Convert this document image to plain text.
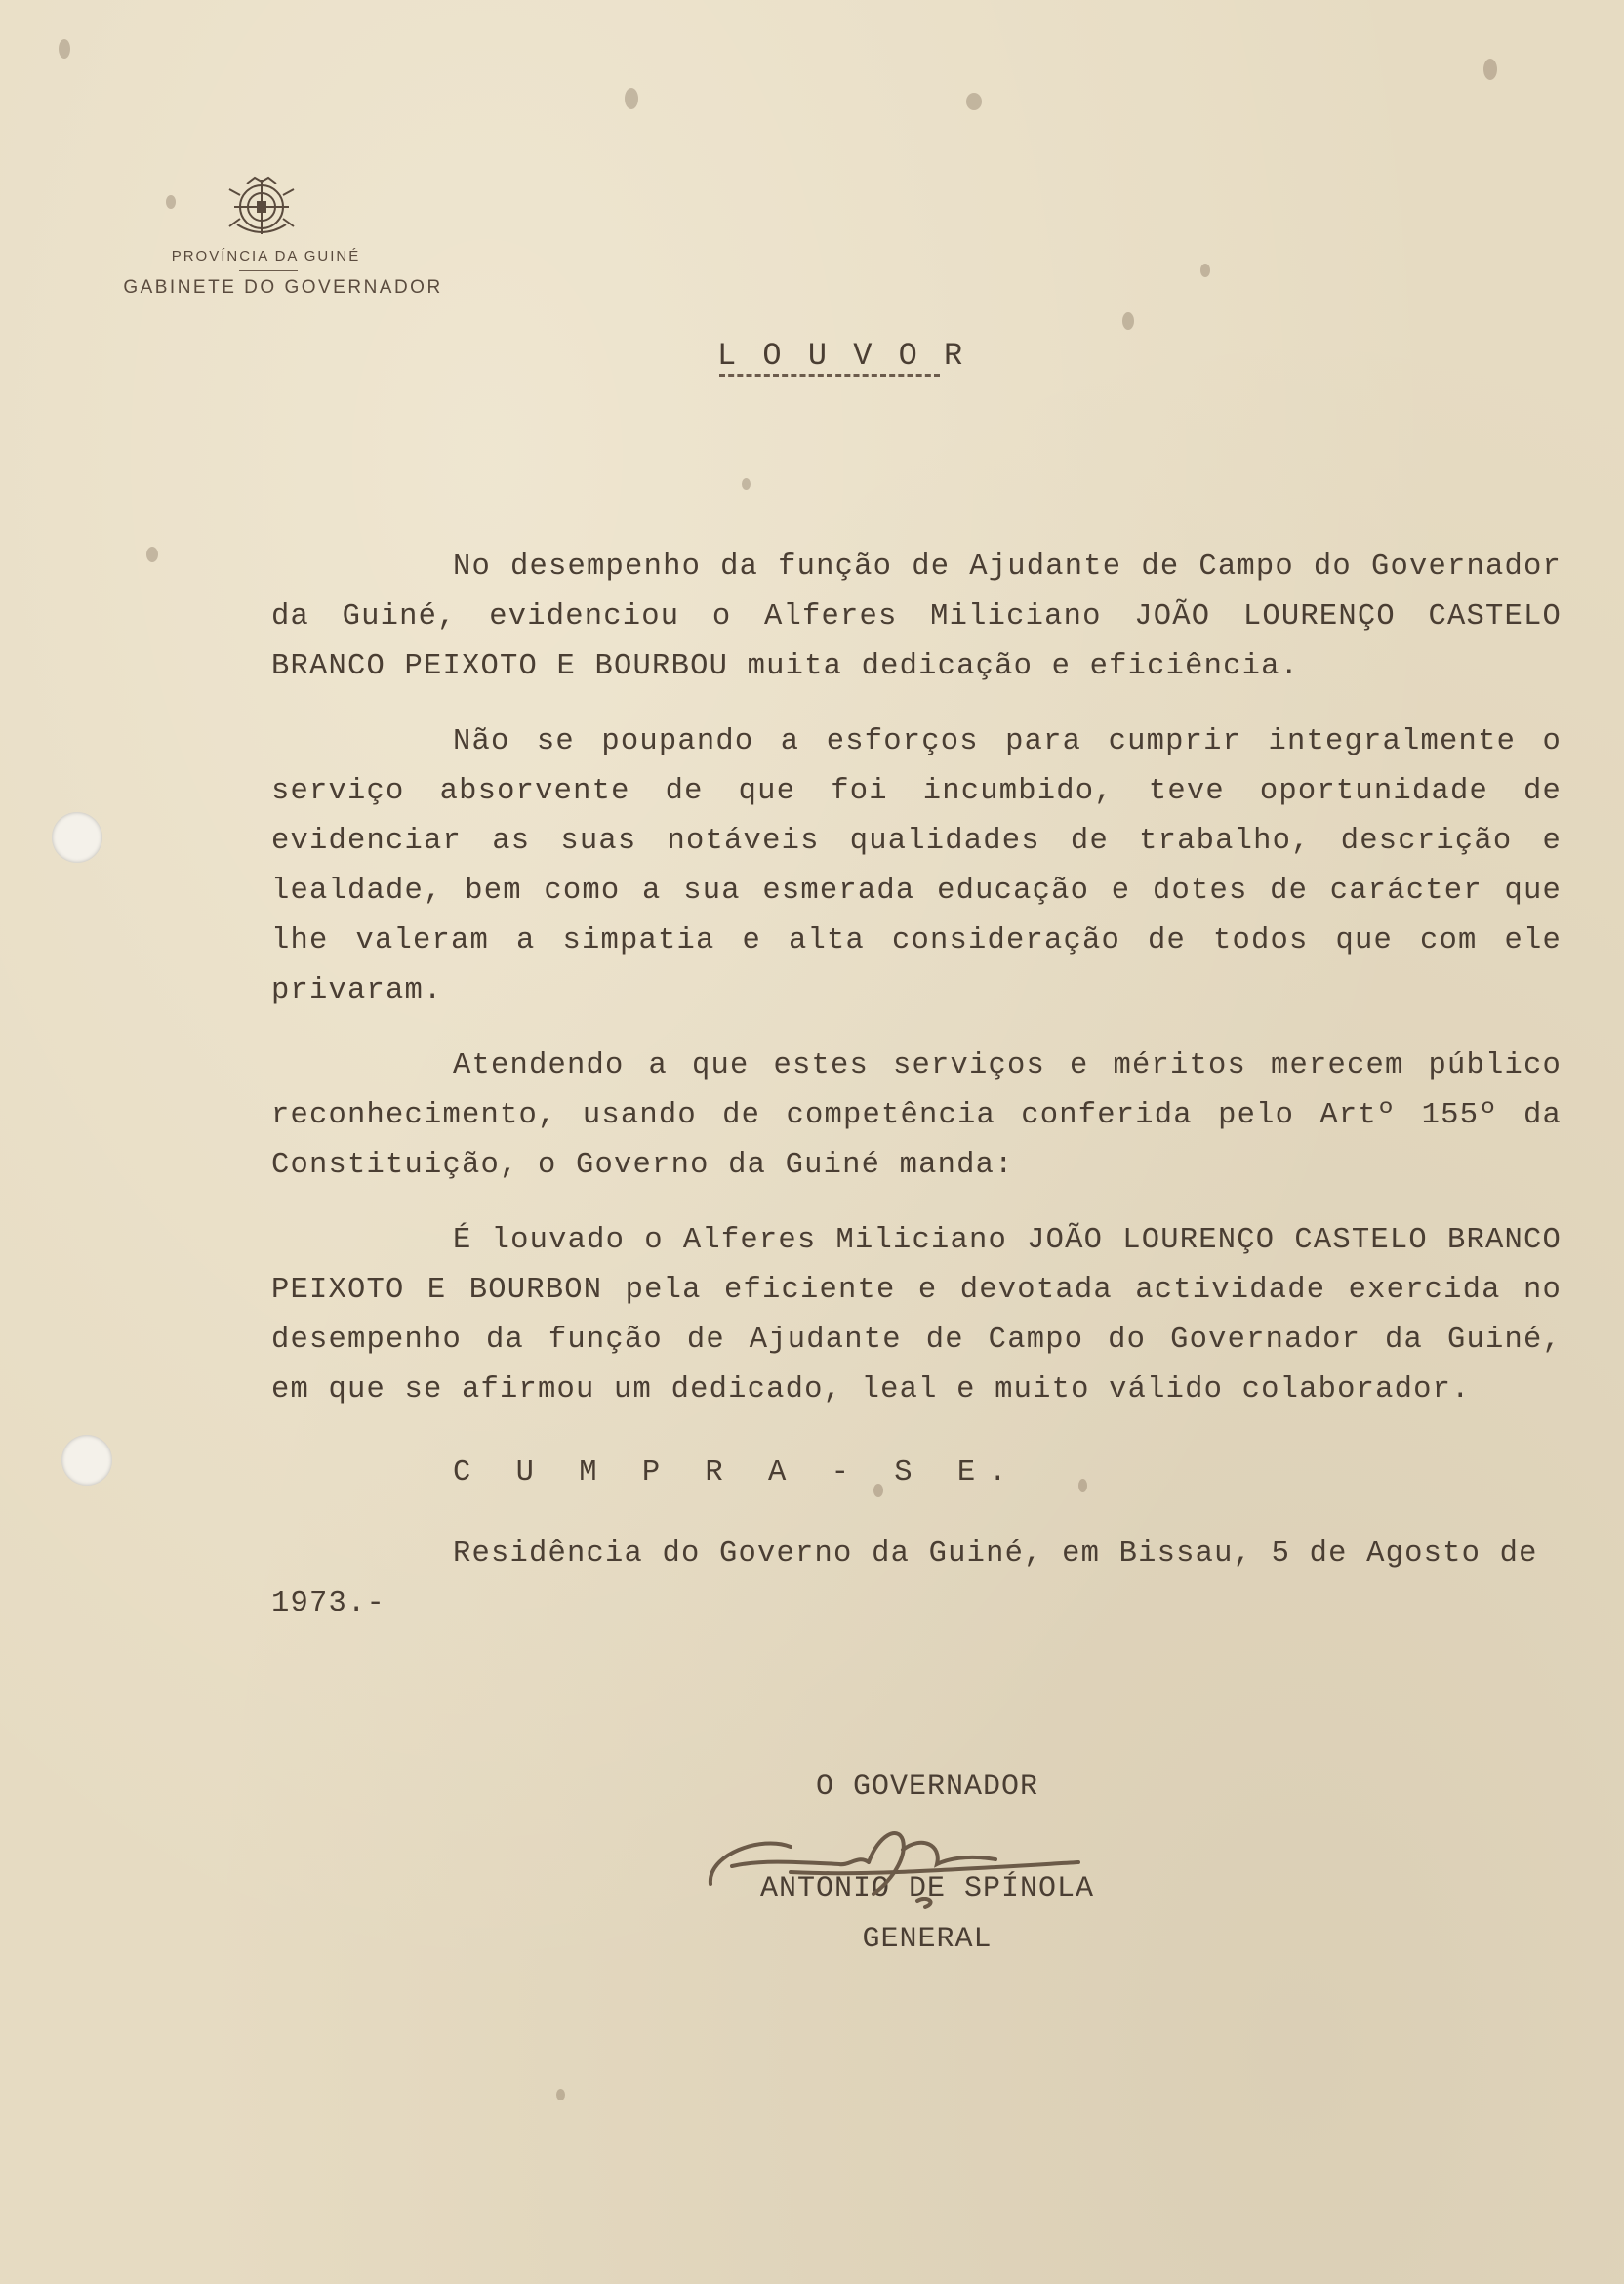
PROVÍNCIA DA GUINÉ
GABINETE DO GOVERNADOR
L O U V O R

No desempenho da função de Ajudante de Campo do Governador da Guiné, evidenciou o Alferes Miliciano JOÃO LOURENÇO CASTELO BRANCO PEIXOTO E BOURBOU muita dedicação e eficiência.

Não se poupando a esforços para cumprir integralmente o serviço absorvente de que foi incumbido, teve oportunidade de evidenciar as suas notáveis qualidades de trabalho, descrição e lealdade, bem como a sua esmerada educação e dotes de carácter que lhe valeram a simpatia e alta consideração de todos que com ele privaram.

Atendendo a que estes serviços e méritos merecem público reconhecimento, usando de competência conferida pelo Artº 155º da Constituição, o Governo da Guiné manda:

É louvado o Alferes Miliciano JOÃO LOURENÇO CASTELO BRANCO PEIXOTO E BOURBON pela eficiente e devotada actividade exercida no desempenho da função de Ajudante de Campo do Governador da Guiné, em que se afirmou um dedicado, leal e muito válido colaborador.

C U M P R A - S E.

Residência do Governo da Guiné, em Bissau, 5 de Agosto de 1973.-

O GOVERNADOR
ANTÓNIO DE SPÍNOLA
GENERAL
